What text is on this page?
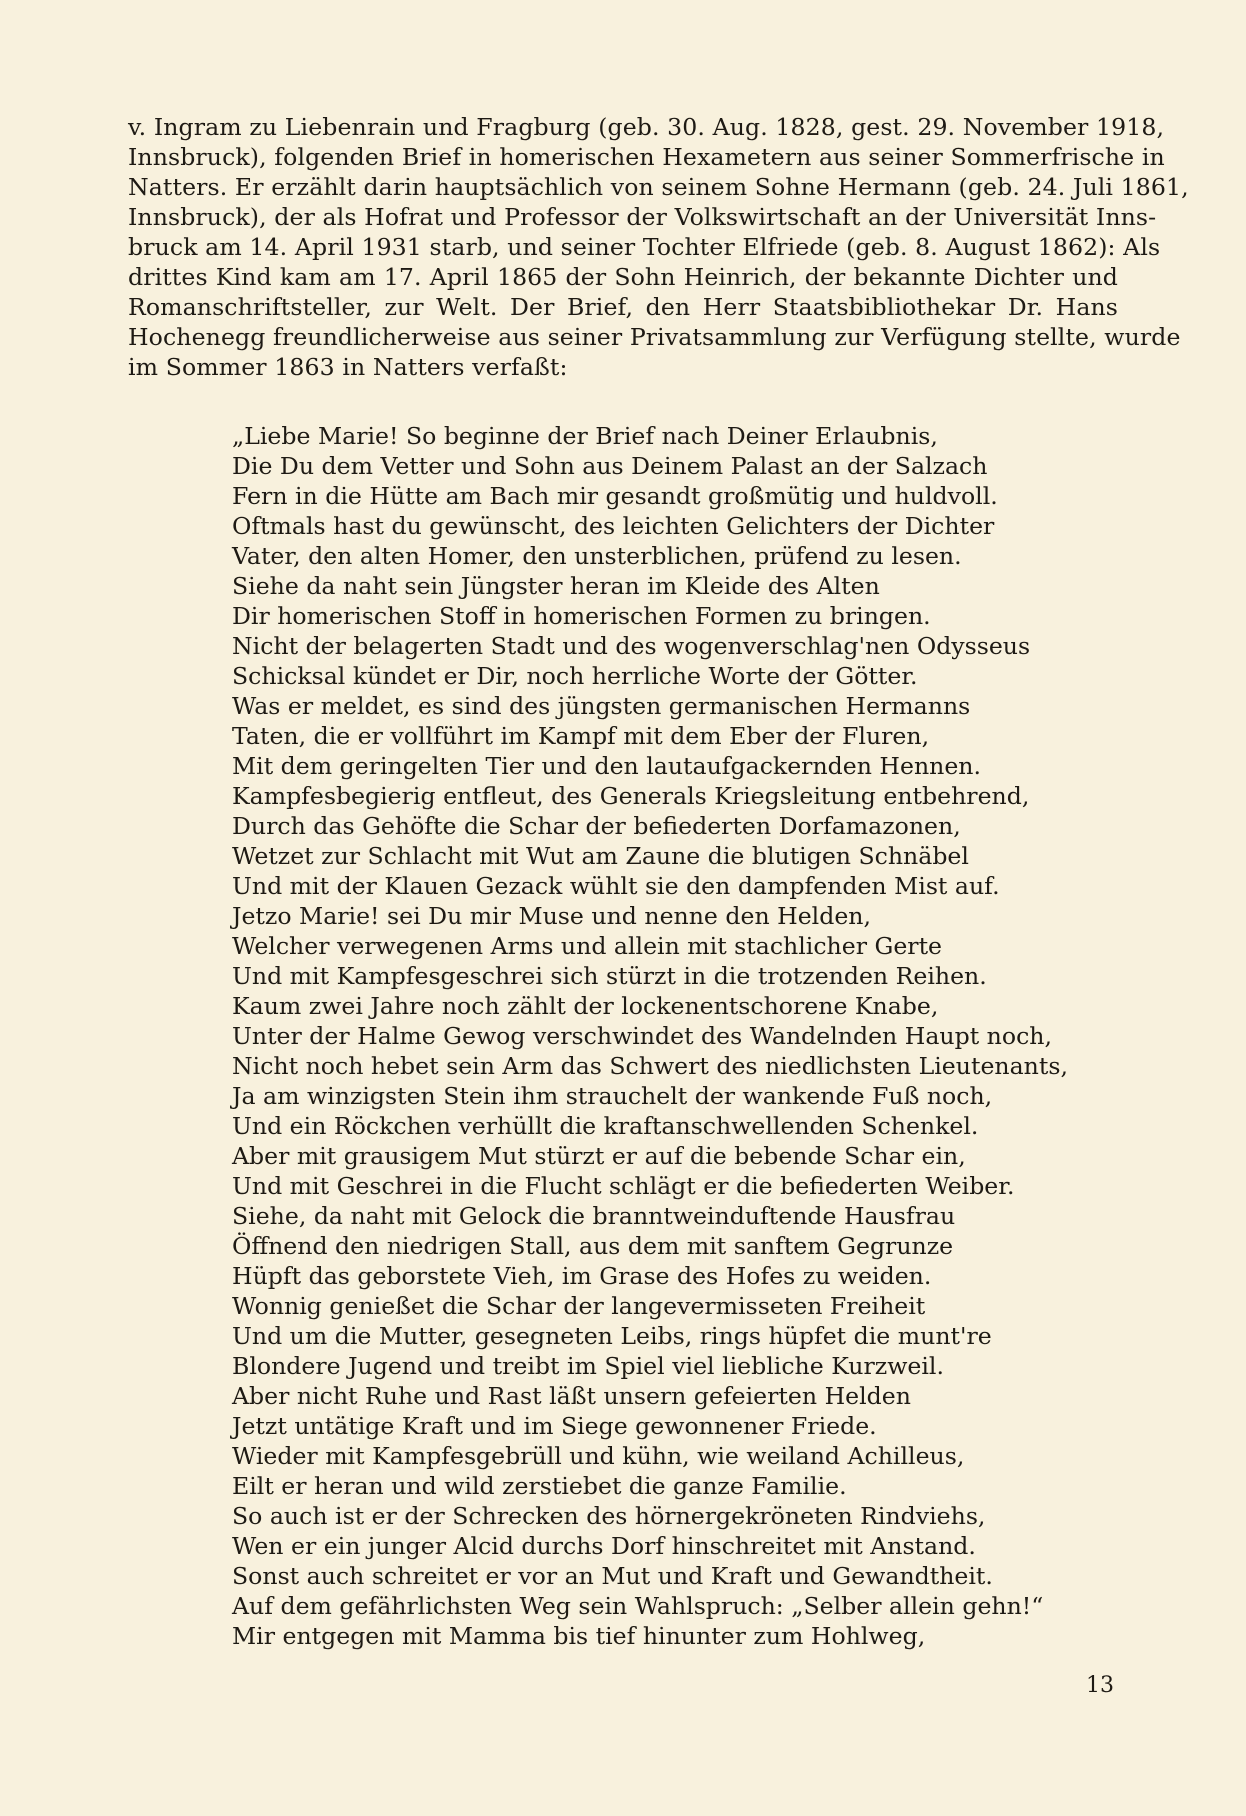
v. Ingram zu Liebenrain und Fragburg (geb. 30. Aug. 1828, gest. 29. November 1918,
Innsbruck), folgenden Brief in homerischen Hexametern aus seiner Sommerfrische in
Natters. Er erzählt darin hauptsächlich von seinem Sohne Hermann (geb. 24. Juli 1861,
Innsbruck), der als Hofrat und Professor der Volkswirtschaft an der Universität Inns-
bruck am 14. April 1931 starb, und seiner Tochter Elfriede (geb. 8. August 1862): Als
drittes Kind kam am 17. April 1865 der Sohn Heinrich, der bekannte Dichter und
Romanschriftsteller, zur Welt. Der Brief, den Herr Staatsbibliothekar Dr. Hans
Hochenegg freundlicherweise aus seiner Privatsammlung zur Verfügung stellte, wurde
im Sommer 1863 in Natters verfaßt:
„Liebe Marie! So beginne der Brief nach Deiner Erlaubnis,
Die Du dem Vetter und Sohn aus Deinem Palast an der Salzach
Fern in die Hütte am Bach mir gesandt großmütig und huldvoll.
Oftmals hast du gewünscht, des leichten Gelichters der Dichter
Vater, den alten Homer, den unsterblichen, prüfend zu lesen.
Siehe da naht sein Jüngster heran im Kleide des Alten
Dir homerischen Stoff in homerischen Formen zu bringen.
Nicht der belagerten Stadt und des wogenverschlag'nen Odysseus
Schicksal kündet er Dir, noch herrliche Worte der Götter.
Was er meldet, es sind des jüngsten germanischen Hermanns
Taten, die er vollführt im Kampf mit dem Eber der Fluren,
Mit dem geringelten Tier und den lautaufgackernden Hennen.
Kampfesbegierig entfleut, des Generals Kriegsleitung entbehrend,
Durch das Gehöfte die Schar der befiederten Dorfamazonen,
Wetzet zur Schlacht mit Wut am Zaune die blutigen Schnäbel
Und mit der Klauen Gezack wühlt sie den dampfenden Mist auf.
Jetzo Marie! sei Du mir Muse und nenne den Helden,
Welcher verwegenen Arms und allein mit stachlicher Gerte
Und mit Kampfesgeschrei sich stürzt in die trotzenden Reihen.
Kaum zwei Jahre noch zählt der lockenentschorene Knabe,
Unter der Halme Gewog verschwindet des Wandelnden Haupt noch,
Nicht noch hebet sein Arm das Schwert des niedlichsten Lieutenants,
Ja am winzigsten Stein ihm strauchelt der wankende Fuß noch,
Und ein Röckchen verhüllt die kraftanschwellenden Schenkel.
Aber mit grausigem Mut stürzt er auf die bebende Schar ein,
Und mit Geschrei in die Flucht schlägt er die befiederten Weiber.
Siehe, da naht mit Gelock die branntweinduftende Hausfrau
Öffnend den niedrigen Stall, aus dem mit sanftem Gegrunze
Hüpft das geborstete Vieh, im Grase des Hofes zu weiden.
Wonnig genießet die Schar der langevermisseten Freiheit
Und um die Mutter, gesegneten Leibs, rings hüpfet die munt're
Blondere Jugend und treibt im Spiel viel liebliche Kurzweil.
Aber nicht Ruhe und Rast läßt unsern gefeierten Helden
Jetzt untätige Kraft und im Siege gewonnener Friede.
Wieder mit Kampfesgebrüll und kühn, wie weiland Achilleus,
Eilt er heran und wild zerstiebet die ganze Familie.
So auch ist er der Schrecken des hörnergekröneten Rindviehs,
Wen er ein junger Alcid durchs Dorf hinschreitet mit Anstand.
Sonst auch schreitet er vor an Mut und Kraft und Gewandtheit.
Auf dem gefährlichsten Weg sein Wahlspruch: „Selber allein gehn!“
Mir entgegen mit Mamma bis tief hinunter zum Hohlweg,
13
